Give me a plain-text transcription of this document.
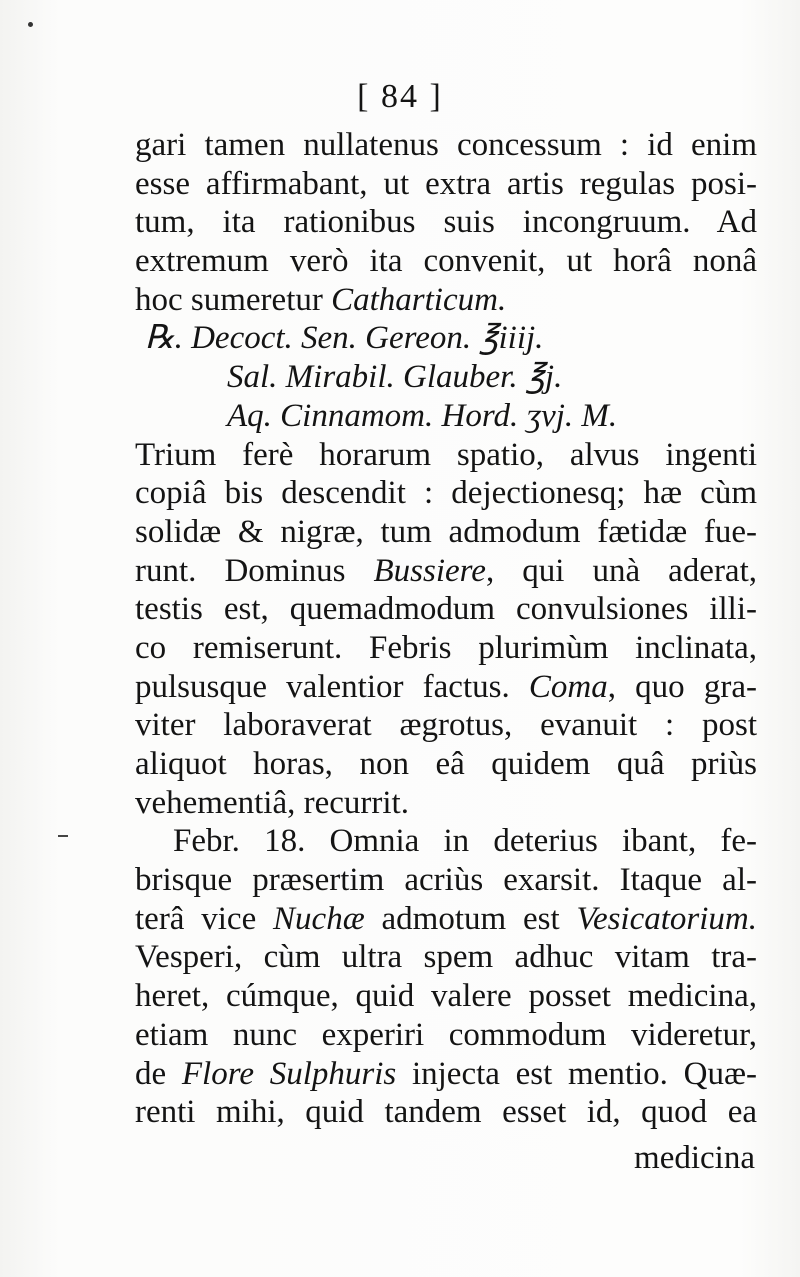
[ 84 ]
gari tamen nullatenus concessum : id enim
esse affirmabant, ut extra artis regulas posi-
tum, ita rationibus suis incongruum. Ad
extremum verò ita convenit, ut horâ nonâ
hoc sumeretur Catharticum.
℞. Decoct. Sen. Gereon. ℥iiij.
Sal. Mirabil. Glauber. ℥j.
Aq. Cinnamom. Hord. ʒvj. M.
Trium ferè horarum spatio, alvus ingenti
copiâ bis descendit : dejectionesq; hæ cùm
solidæ & nigræ, tum admodum fætidæ fue-
runt. Dominus Bussiere, qui unà aderat,
testis est, quemadmodum convulsiones illi-
co remiserunt. Febris plurimùm inclinata,
pulsusque valentior factus. Coma, quo gra-
viter laboraverat ægrotus, evanuit : post
aliquot horas, non eâ quidem quâ priùs
vehementiâ, recurrit.
Febr. 18. Omnia in deterius ibant, fe-
brisque præsertim acriùs exarsit. Itaque al-
terâ vice Nuchæ admotum est Vesicatorium.
Vesperi, cùm ultra spem adhuc vitam tra-
heret, cúmque, quid valere posset medicina,
etiam nunc experiri commodum videretur,
de Flore Sulphuris injecta est mentio. Quæ-
renti mihi, quid tandem esset id, quod ea
medicina
